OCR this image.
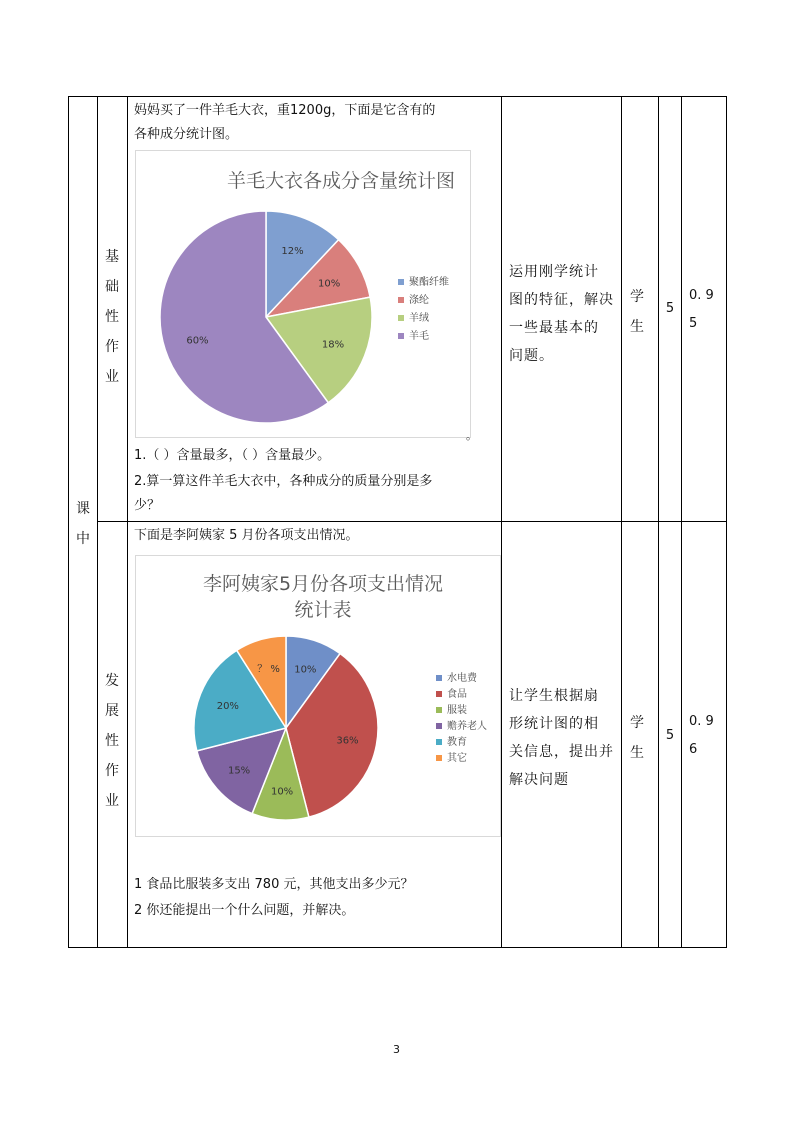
课
中
基
础
性
作
业
妈妈买了一件羊毛大衣，重1200g，下面是它含有的
各种成分统计图。
羊毛大衣各成分含量统计图
12%
10%
18%
60%
聚酯纤维
涤纶
羊绒
羊毛
。
1.（ ）含量最多，（ ）含量最少。
2.算一算这件羊毛大衣中，各种成分的质量分别是多
少？
运用刚学统计
图的特征，解决
一些最基本的
问题。
学
生
5
0. 9
5
发
展
性
作
业
下面是李阿姨家 5 月份各项支出情况。
李阿姨家5月份各项支出情况
统计表
10%
36%
10%
15%
20%
？ %
水电费
食品
服装
赡养老人
教育
其它
1 食品比服装多支出 780 元，其他支出多少元？
2 你还能提出一个什么问题，并解决。
让学生根据扇
形统计图的相
关信息，提出并
解决问题
学
生
5
0. 9
6
3
